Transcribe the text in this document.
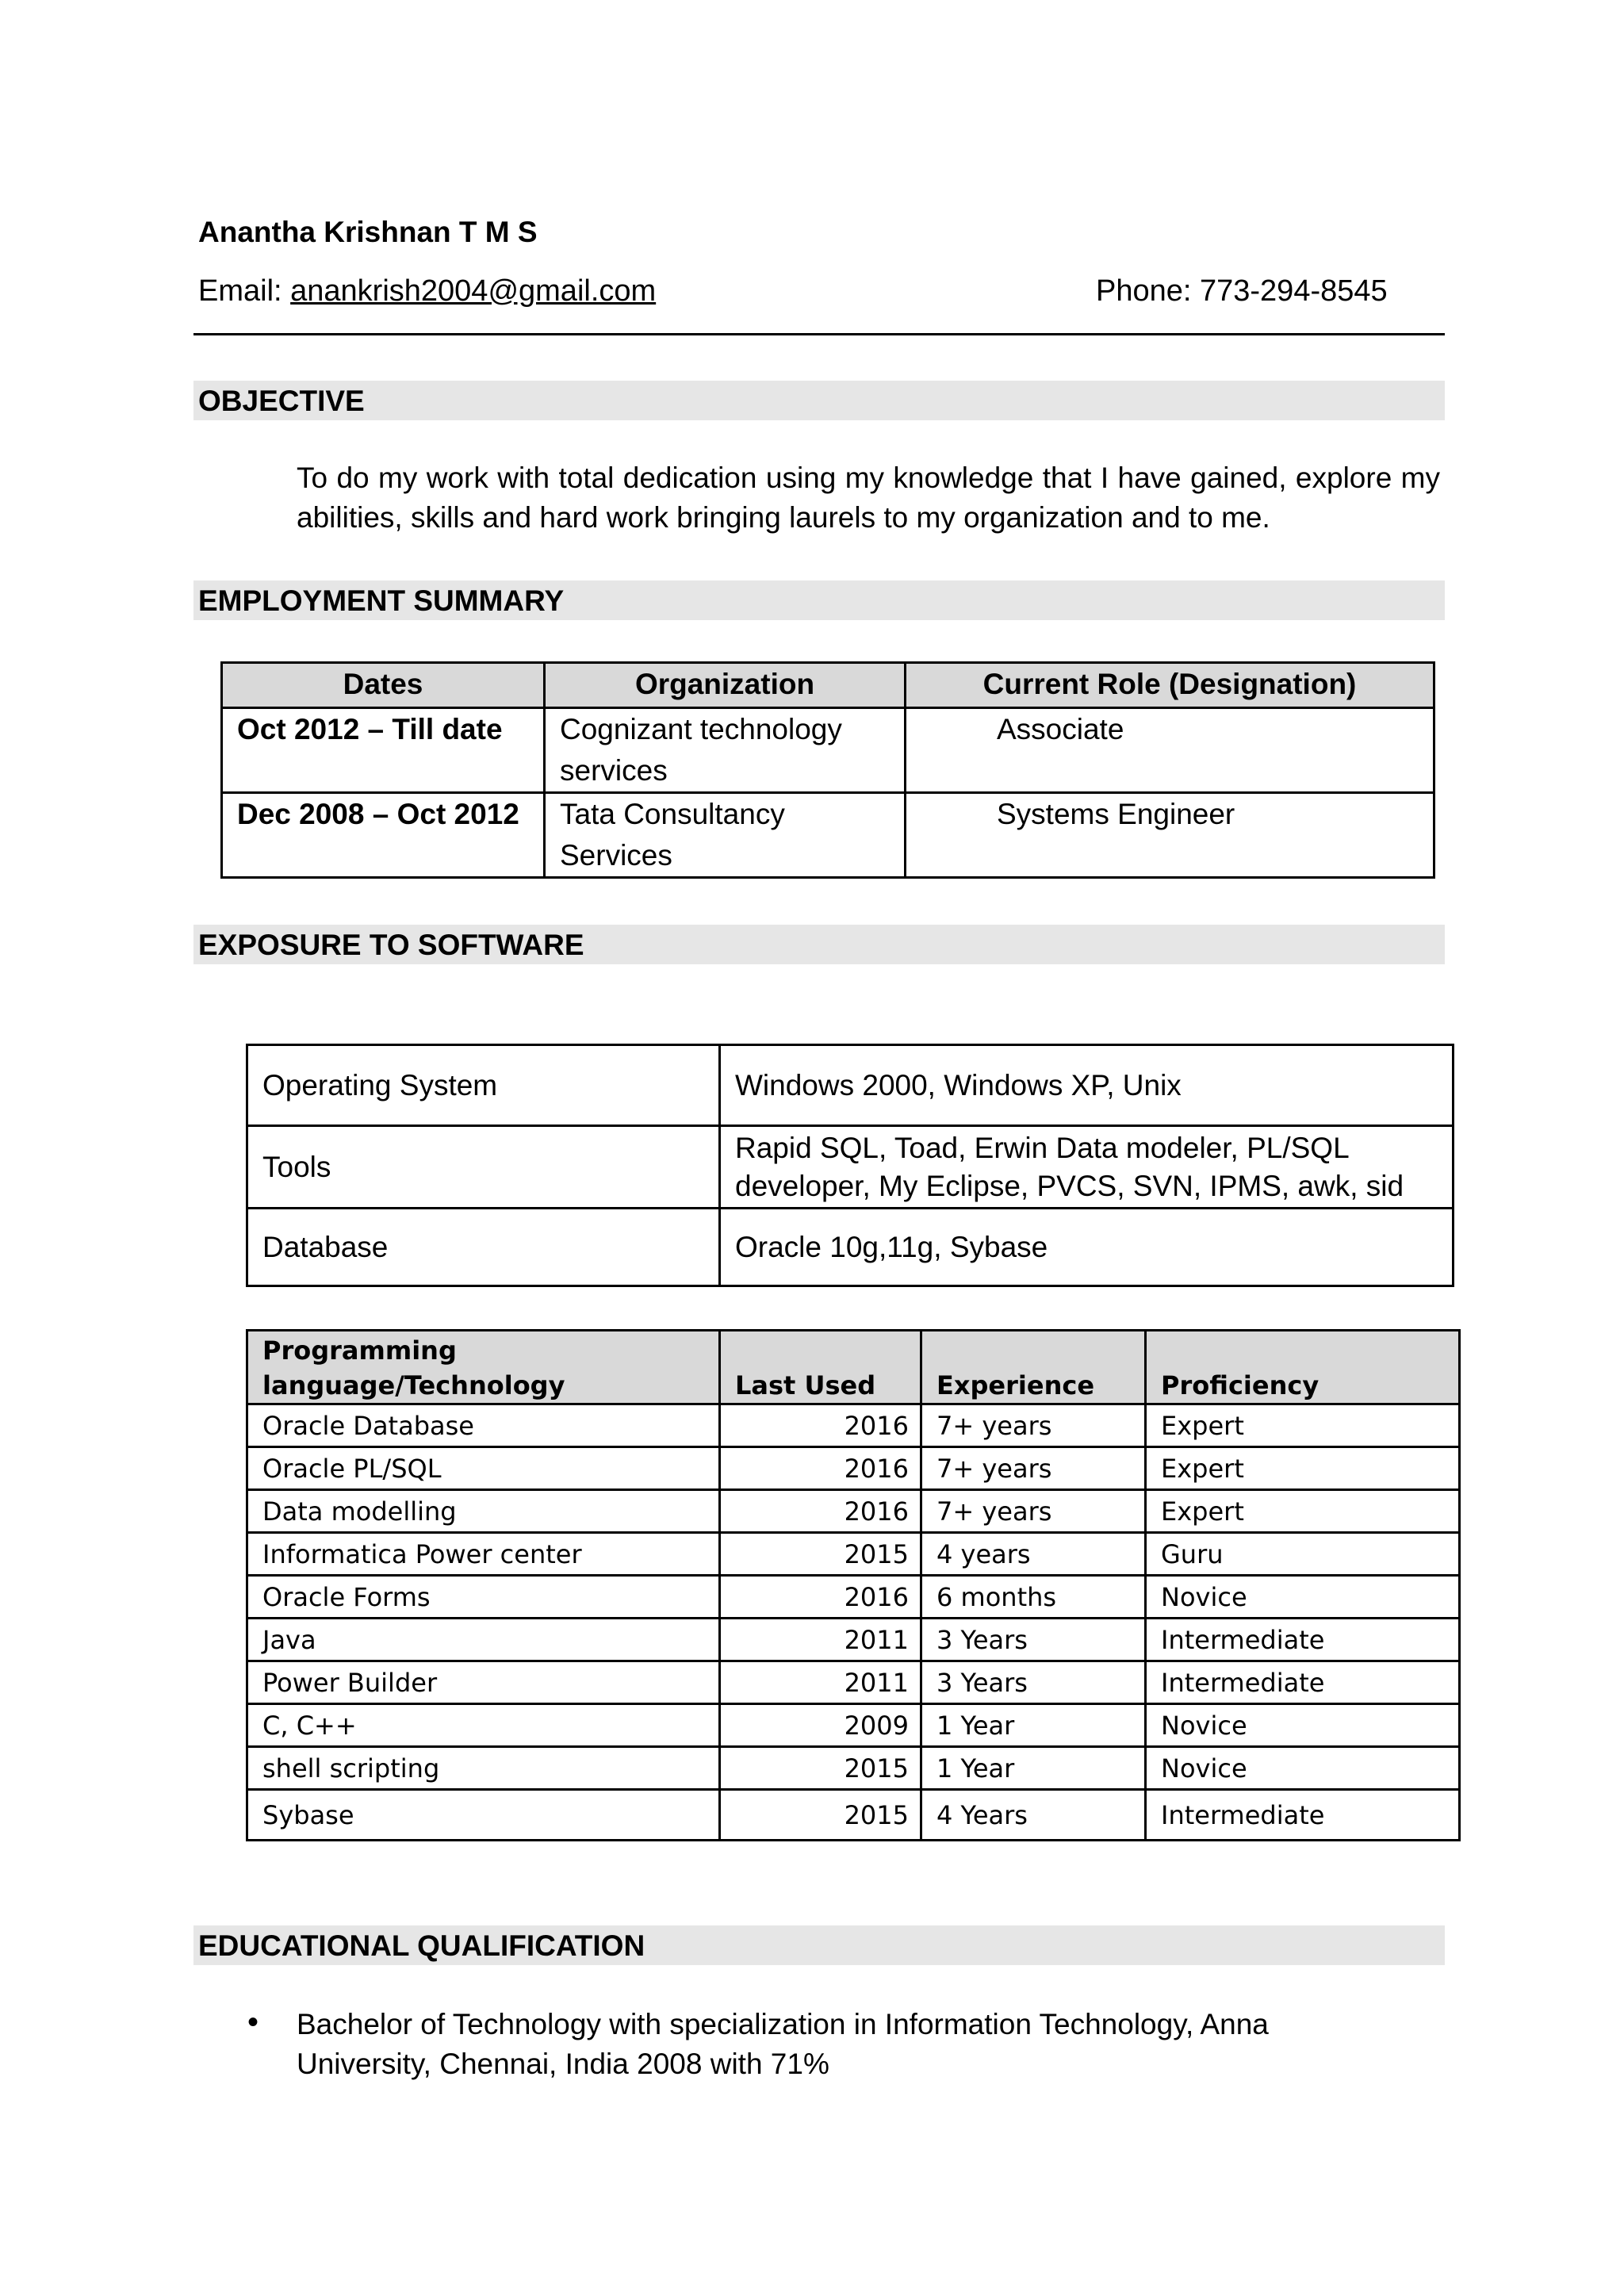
Anantha Krishnan T M S
Email: anankrish2004@gmail.com	Phone: 773-294-8545
OBJECTIVE
To do my work with total dedication using my knowledge that I have gained, explore my abilities, skills and hard work bringing laurels to my organization and to me.
EMPLOYMENT SUMMARY
Dates	Organization	Current Role (Designation)
Oct 2012 – Till date	Cognizant technology services	Associate
Dec 2008 – Oct 2012	Tata Consultancy Services	Systems Engineer
EXPOSURE TO SOFTWARE
Operating System	Windows 2000, Windows XP, Unix
Tools	Rapid SQL, Toad, Erwin Data modeler, PL/SQL developer, My Eclipse, PVCS, SVN, IPMS, awk, sid
Database	Oracle 10g,11g, Sybase
Programming language/Technology	Last Used	Experience	Proficiency
Oracle Database	2016	7+ years	Expert
Oracle PL/SQL	2016	7+ years	Expert
Data modelling	2016	7+ years	Expert
Informatica Power center	2015	4 years	Guru
Oracle Forms	2016	6 months	Novice
Java	2011	3 Years	Intermediate
Power Builder	2011	3 Years	Intermediate
C, C++	2009	1 Year	Novice
shell scripting	2015	1 Year	Novice
Sybase	2015	4 Years	Intermediate
EDUCATIONAL QUALIFICATION
• Bachelor of Technology with specialization in Information Technology, Anna University, Chennai, India 2008 with 71%
